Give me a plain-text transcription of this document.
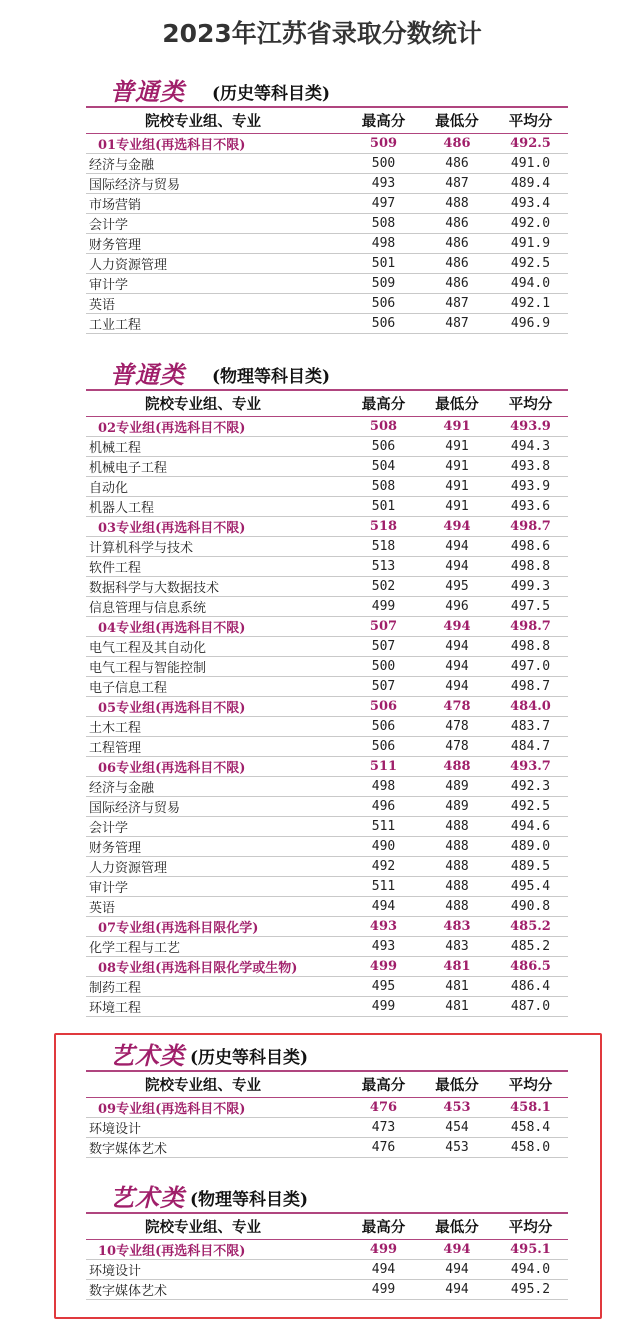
2023年江苏省录取分数统计
普通类 (历史等科目类)
院校专业组、专业	最高分	最低分	平均分
01专业组(再选科目不限)	509	486	492.5
经济与金融	500	486	491.0
国际经济与贸易	493	487	489.4
市场营销	497	488	493.4
会计学	508	486	492.0
财务管理	498	486	491.9
人力资源管理	501	486	492.5
审计学	509	486	494.0
英语	506	487	492.1
工业工程	506	487	496.9
普通类 (物理等科目类)
院校专业组、专业	最高分	最低分	平均分
02专业组(再选科目不限)	508	491	493.9
机械工程	506	491	494.3
机械电子工程	504	491	493.8
自动化	508	491	493.9
机器人工程	501	491	493.6
03专业组(再选科目不限)	518	494	498.7
计算机科学与技术	518	494	498.6
软件工程	513	494	498.8
数据科学与大数据技术	502	495	499.3
信息管理与信息系统	499	496	497.5
04专业组(再选科目不限)	507	494	498.7
电气工程及其自动化	507	494	498.8
电气工程与智能控制	500	494	497.0
电子信息工程	507	494	498.7
05专业组(再选科目不限)	506	478	484.0
土木工程	506	478	483.7
工程管理	506	478	484.7
06专业组(再选科目不限)	511	488	493.7
经济与金融	498	489	492.3
国际经济与贸易	496	489	492.5
会计学	511	488	494.6
财务管理	490	488	489.0
人力资源管理	492	488	489.5
审计学	511	488	495.4
英语	494	488	490.8
07专业组(再选科目限化学)	493	483	485.2
化学工程与工艺	493	483	485.2
08专业组(再选科目限化学或生物)	499	481	486.5
制药工程	495	481	486.4
环境工程	499	481	487.0
艺术类 (历史等科目类)
院校专业组、专业	最高分	最低分	平均分
09专业组(再选科目不限)	476	453	458.1
环境设计	473	454	458.4
数字媒体艺术	476	453	458.0
艺术类 (物理等科目类)
院校专业组、专业	最高分	最低分	平均分
10专业组(再选科目不限)	499	494	495.1
环境设计	494	494	494.0
数字媒体艺术	499	494	495.2
